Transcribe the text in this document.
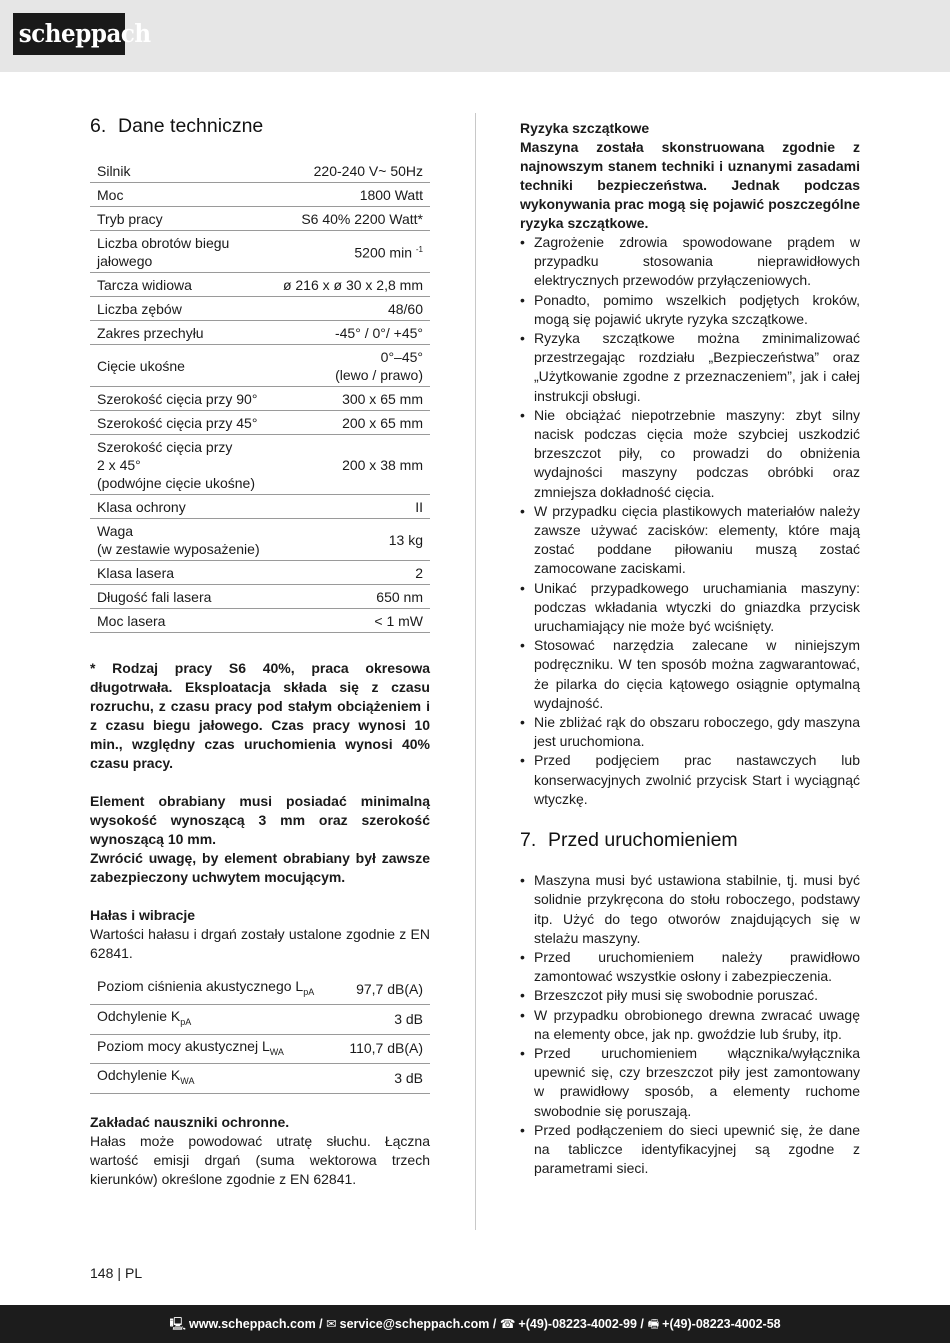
scheppach
6. Dane techniczne
Silnik	220-240 V~ 50Hz
Moc	1800 Watt
Tryb pracy	S6 40% 2200 Watt*
Liczba obrotów biegu
jałowego	5200 min $^{-1}$
Tarcza widiowa	ø 216 x ø 30 x 2,8 mm
Liczba zębów	48/60
Zakres przechyłu	-45° / 0°/ +45°
Cięcie ukośne	0°–45°
(lewo / prawo)
Szerokość cięcia przy 90°	300 x 65 mm
Szerokość cięcia przy 45°	200 x 65 mm
Szerokość cięcia przy
2 x 45°
(podwójne cięcie ukośne)	200 x 38 mm
Klasa ochrony	II
Waga
(w zestawie wyposażenie)	13 kg
Klasa lasera	2
Długość fali lasera	650 nm
Moc lasera	< 1 mW

* Rodzaj pracy S6 40%, praca okresowa długotrwała. Eksploatacja składa się z czasu rozruchu, z czasu pracy pod stałym obciążeniem i z czasu biegu jałowego. Czas pracy wynosi 10 min., względny czas uruchomienia wynosi 40% czasu pracy.

Element obrabiany musi posiadać minimalną wysokość wynoszącą 3 mm oraz szerokość wynoszącą 10 mm.

Zwrócić uwagę, by element obrabiany był zawsze zabezpieczony uchwytem mocującym.

Hałas i wibracje

Wartości hałasu i drgań zostały ustalone zgodnie z EN 62841.

Poziom ciśnienia akustycznego $L_{pA}$	97,7 dB(A)
Odchylenie $K_{pA}$	3 dB
Poziom mocy akustycznej $L_{WA}$	110,7 dB(A)
Odchylenie $K_{WA}$	3 dB

Zakładać nauszniki ochronne.

Hałas może powodować utratę słuchu. Łączna wartość emisji drgań (suma wektorowa trzech kierunków) określone zgodnie z EN 62841.

Ryzyka szczątkowe

Maszyna została skonstruowana zgodnie z najnowszym stanem techniki i uznanymi zasadami techniki bezpieczeństwa. Jednak podczas wykonywania prac mogą się pojawić poszczególne ryzyka szczątkowe.

• Zagrożenie zdrowia spowodowane prądem w przypadku stosowania nieprawidłowych elektrycznych przewodów przyłączeniowych.
• Ponadto, pomimo wszelkich podjętych kroków, mogą się pojawić ukryte ryzyka szczątkowe.
• Ryzyka szczątkowe można zminimalizować przestrzegając rozdziału „Bezpieczeństwa” oraz „Użytkowanie zgodne z przeznaczeniem”, jak i całej instrukcji obsługi.
• Nie obciążać niepotrzebnie maszyny: zbyt silny nacisk podczas cięcia może szybciej uszkodzić brzeszczot piły, co prowadzi do obniżenia wydajności maszyny podczas obróbki oraz zmniejsza dokładność cięcia.
• W przypadku cięcia plastikowych materiałów należy zawsze używać zacisków: elementy, które mają zostać poddane piłowaniu muszą zostać zamocowane zaciskami.
• Unikać przypadkowego uruchamiania maszyny: podczas wkładania wtyczki do gniazdka przycisk uruchamiający nie może być wciśnięty.
• Stosować narzędzia zalecane w niniejszym podręczniku. W ten sposób można zagwarantować, że pilarka do cięcia kątowego osiągnie optymalną wydajność.
• Nie zbliżać rąk do obszaru roboczego, gdy maszyna jest uruchomiona.
• Przed podjęciem prac nastawczych lub konserwacyjnych zwolnić przycisk Start i wyciągnąć wtyczkę.
7. Przed uruchomieniem
• Maszyna musi być ustawiona stabilnie, tj. musi być solidnie przykręcona do stołu roboczego, podstawy itp. Użyć do tego otworów znajdujących się w stelażu maszyny.
• Przed uruchomieniem należy prawidłowo zamontować wszystkie osłony i zabezpieczenia.
• Brzeszczot piły musi się swobodnie poruszać.
• W przypadku obrobionego drewna zwracać uwagę na elementy obce, jak np. gwoździe lub śruby, itp.
• Przed uruchomieniem włącznika/wyłącznika upewnić się, czy brzeszczot piły jest zamontowany w prawidłowy sposób, a elementy ruchome swobodnie się poruszają.
• Przed podłączeniem do sieci upewnić się, że dane na tabliczce identyfikacyjnej są zgodne z parametrami sieci.
148 | PL
🖳 www.scheppach.com / ✉ service@scheppach.com / ☎ +(49)-08223-4002-99 / 🖷 +(49)-08223-4002-58
